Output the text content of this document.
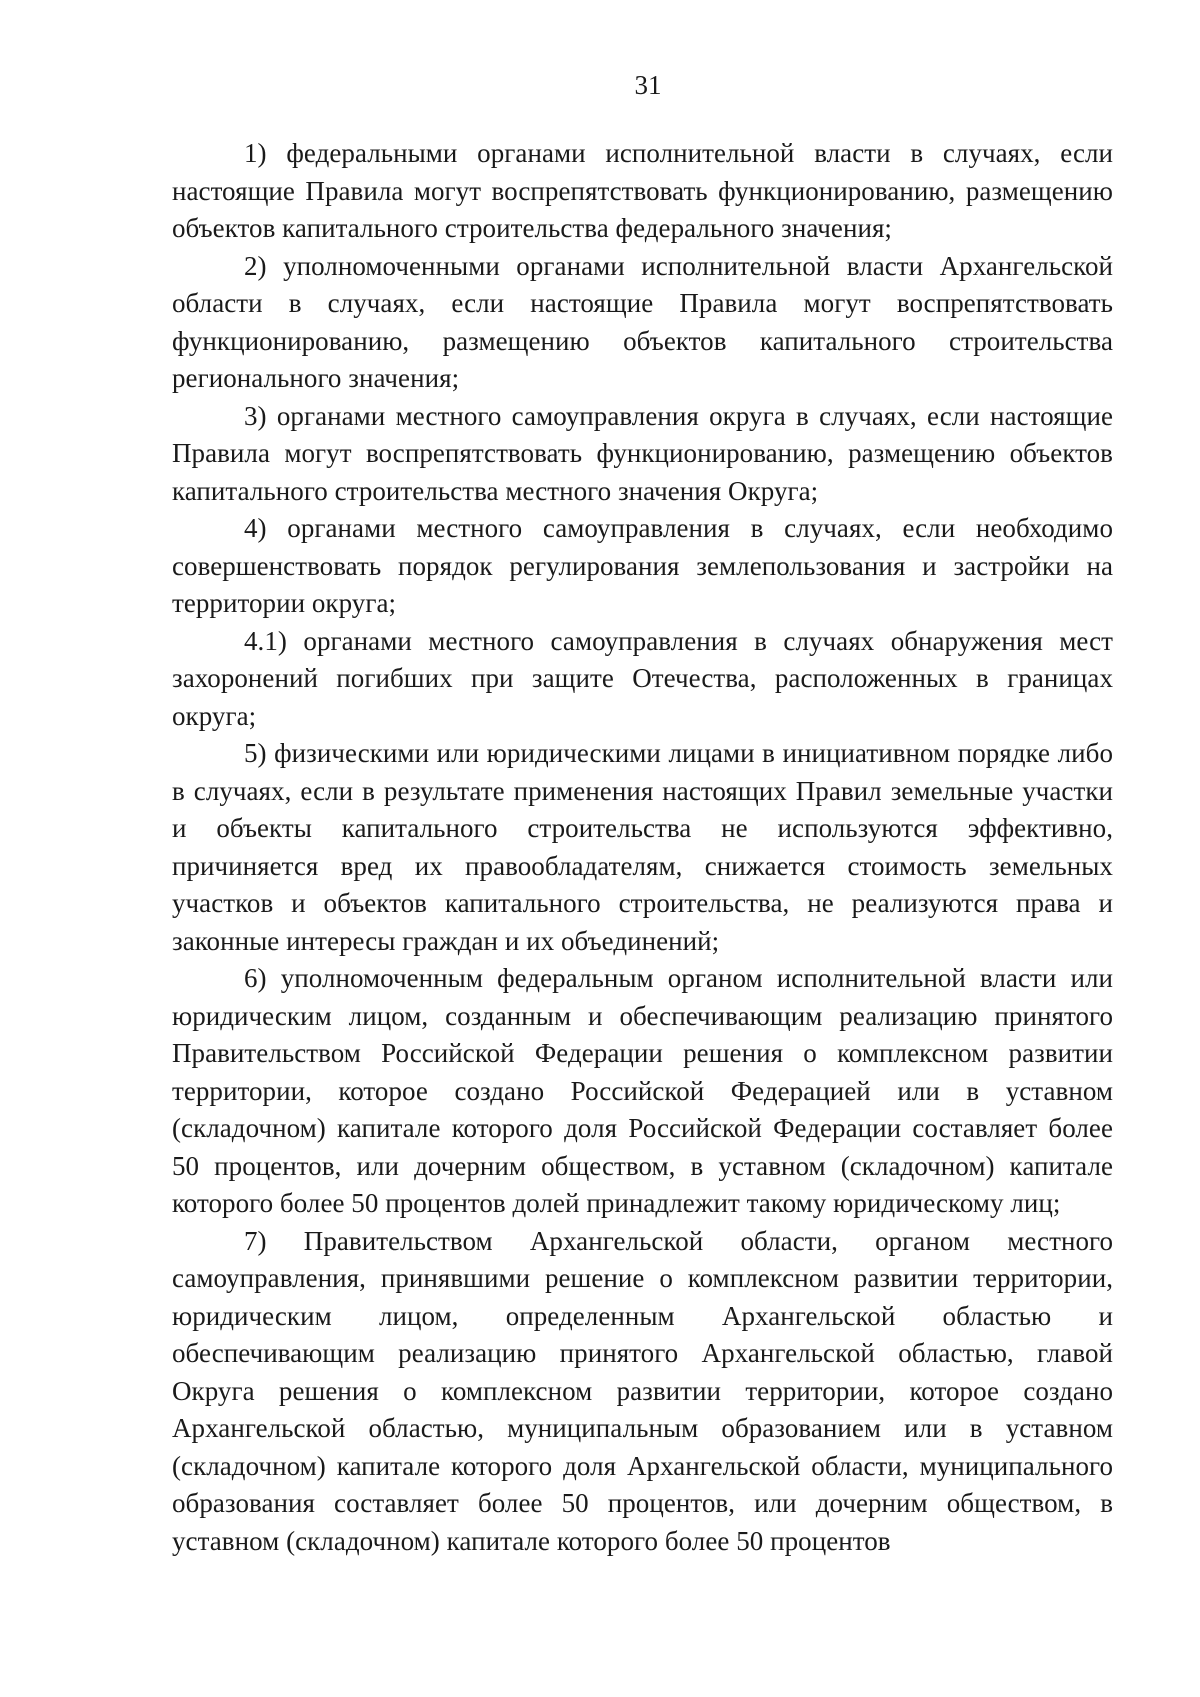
31

1) федеральными органами исполнительной власти в случаях, если настоящие Правила могут воспрепятствовать функционированию, размещению объектов капитального строительства федерального значения;

2) уполномоченными органами исполнительной власти Архангельской области в случаях, если настоящие Правила могут воспрепятствовать функционированию, размещению объектов капитального строительства регионального значения;

3) органами местного самоуправления округа в случаях, если настоящие Правила могут воспрепятствовать функционированию, размещению объектов капитального строительства местного значения Округа;

4) органами местного самоуправления в случаях, если необходимо совершенствовать порядок регулирования землепользования и застройки на территории округа;

4.1) органами местного самоуправления в случаях обнаружения мест захоронений погибших при защите Отечества, расположенных в границах округа;

5) физическими или юридическими лицами в инициативном порядке либо в случаях, если в результате применения настоящих Правил земельные участки и объекты капитального строительства не используются эффективно, причиняется вред их правообладателям, снижается стоимость земельных участков и объектов капитального строительства, не реализуются права и законные интересы граждан и их объединений;

6) уполномоченным федеральным органом исполнительной власти или юридическим лицом, созданным и обеспечивающим реализацию принятого Правительством Российской Федерации решения о комплексном развитии территории, которое создано Российской Федерацией или в уставном (складочном) капитале которого доля Российской Федерации составляет более 50 процентов, или дочерним обществом, в уставном (складочном) капитале которого более 50 процентов долей принадлежит такому юридическому лиц;

7) Правительством Архангельской области, органом местного самоуправления, принявшими решение о комплексном развитии территории, юридическим лицом, определенным Архангельской областью и обеспечивающим реализацию принятого Архангельской областью, главой Округа решения о комплексном развитии территории, которое создано Архангельской областью, муниципальным образованием или в уставном (складочном) капитале которого доля Архангельской области, муниципального образования составляет более 50 процентов, или дочерним обществом, в уставном (складочном) капитале которого более 50 процентов
